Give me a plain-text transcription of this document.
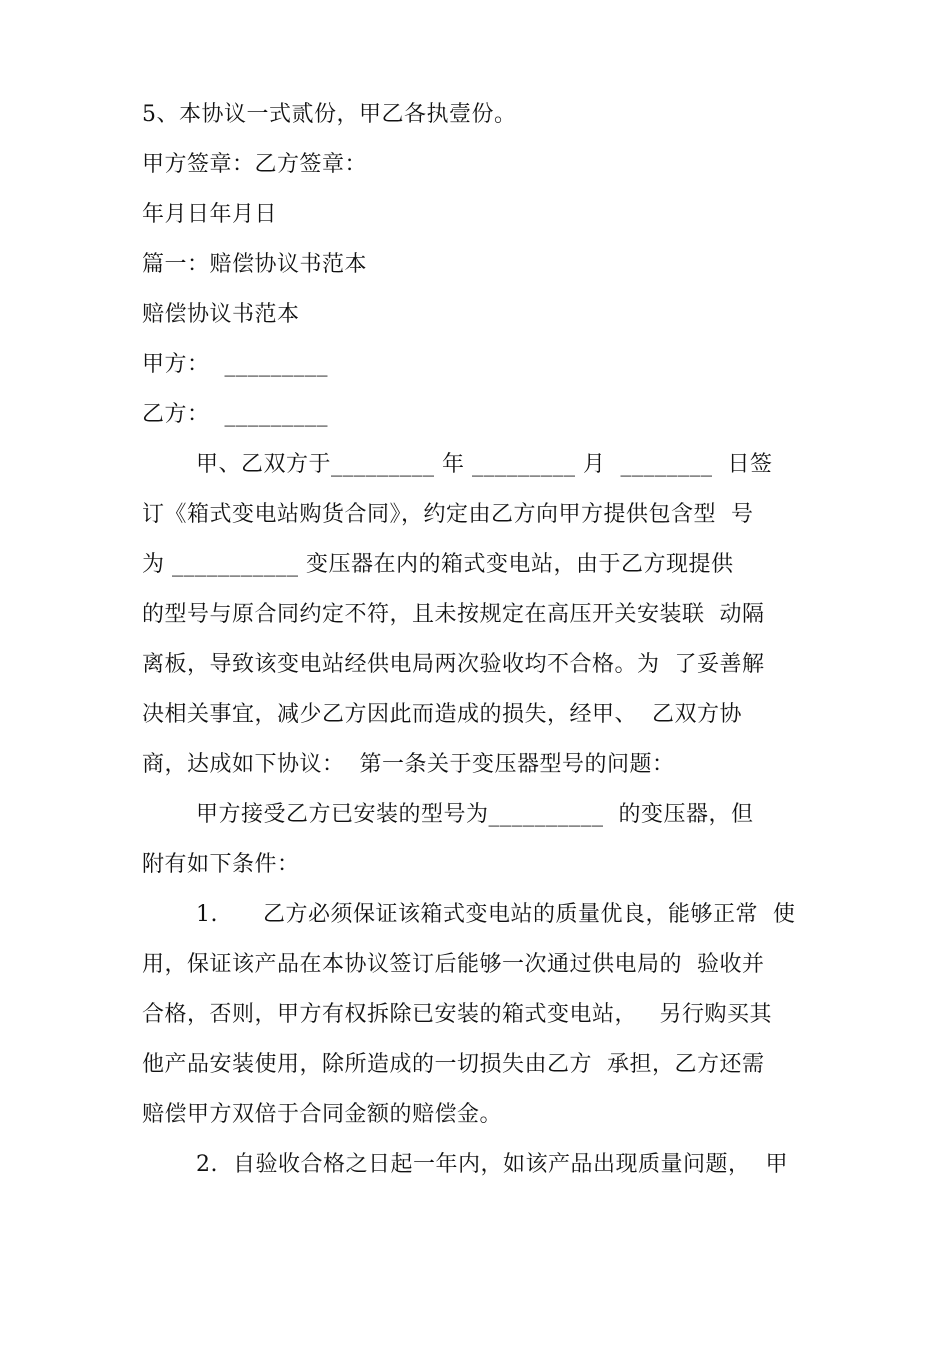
5、本协议一式贰份，甲乙各执壹份。
甲方签章：乙方签章：
年月日年月日
篇一：赔偿协议书范本
赔偿协议书范本
甲方：  _________
乙方：  _________
甲、乙双方于_________ 年 _________ 月  ________  日签
订《箱式变电站购货合同》，约定由乙方向甲方提供包含型  号
为 ___________ 变压器在内的箱式变电站，由于乙方现提供
的型号与原合同约定不符，且未按规定在高压开关安装联  动隔
离板，导致该变电站经供电局两次验收均不合格。为  了妥善解
决相关事宜，减少乙方因此而造成的损失，经甲、  乙双方协
商，达成如下协议：  第一条关于变压器型号的问题：
甲方接受乙方已安装的型号为__________  的变压器，但
附有如下条件：
1.      乙方必须保证该箱式变电站的质量优良，能够正常  使
用，保证该产品在本协议签订后能够一次通过供电局的  验收并
合格，否则，甲方有权拆除已安装的箱式变电站，   另行购买其
他产品安装使用，除所造成的一切损失由乙方  承担，乙方还需
赔偿甲方双倍于合同金额的赔偿金。
2.  自验收合格之日起一年内，如该产品出现质量问题，  甲
